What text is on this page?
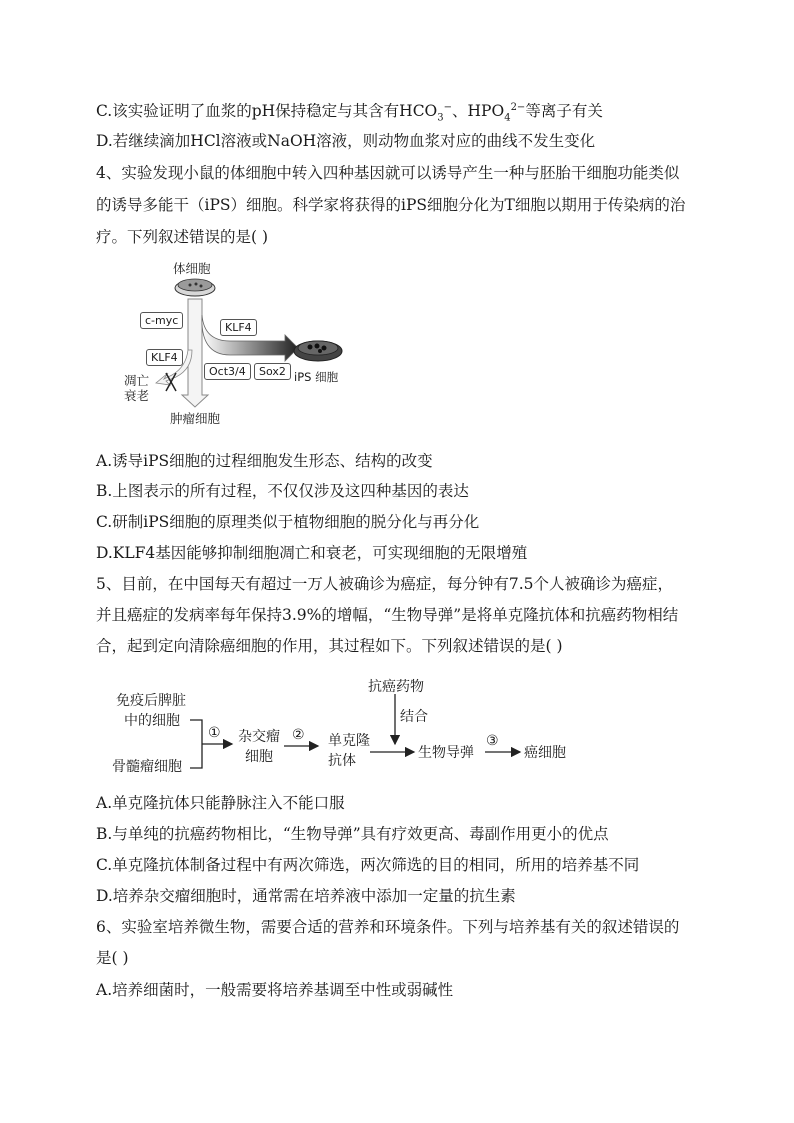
C.该实验证明了血浆的pH保持稳定与其含有$HCO_3^-$、$HPO_4^{2-}$等离子有关
D.若继续滴加HCl溶液或NaOH溶液，则动物血浆对应的曲线不发生变化
4、实验发现小鼠的体细胞中转入四种基因就可以诱导产生一种与胚胎干细胞功能类似
的诱导多能干（iPS）细胞。科学家将获得的iPS细胞分化为T细胞以期用于传染病的治
疗。下列叙述错误的是( )
体细胞
c-myc
KLF4
KLF4
Oct3/4	Sox2 iPS 细胞
凋亡
衰老
肿瘤细胞
A.诱导iPS细胞的过程细胞发生形态、结构的改变
B.上图表示的所有过程，不仅仅涉及这四种基因的表达
C.研制iPS细胞的原理类似于植物细胞的脱分化与再分化
D.KLF4基因能够抑制细胞凋亡和衰老，可实现细胞的无限增殖
5、目前，在中国每天有超过一万人被确诊为癌症，每分钟有7.5个人被确诊为癌症，
并且癌症的发病率每年保持3.9%的增幅，“生物导弹”是将单克隆抗体和抗癌药物相结
合，起到定向清除癌细胞的作用，其过程如下。下列叙述错误的是( )
免疫后脾脏
中的细胞
骨髓瘤细胞
① 杂交瘤
细胞
② 单克隆
抗体
抗癌药物
结合
生物导弹
③
癌细胞
A.单克隆抗体只能静脉注入不能口服
B.与单纯的抗癌药物相比，“生物导弹”具有疗效更高、毒副作用更小的优点
C.单克隆抗体制备过程中有两次筛选，两次筛选的目的相同，所用的培养基不同
D.培养杂交瘤细胞时，通常需在培养液中添加一定量的抗生素
6、实验室培养微生物，需要合适的营养和环境条件。下列与培养基有关的叙述错误的
是( )
A.培养细菌时，一般需要将培养基调至中性或弱碱性
